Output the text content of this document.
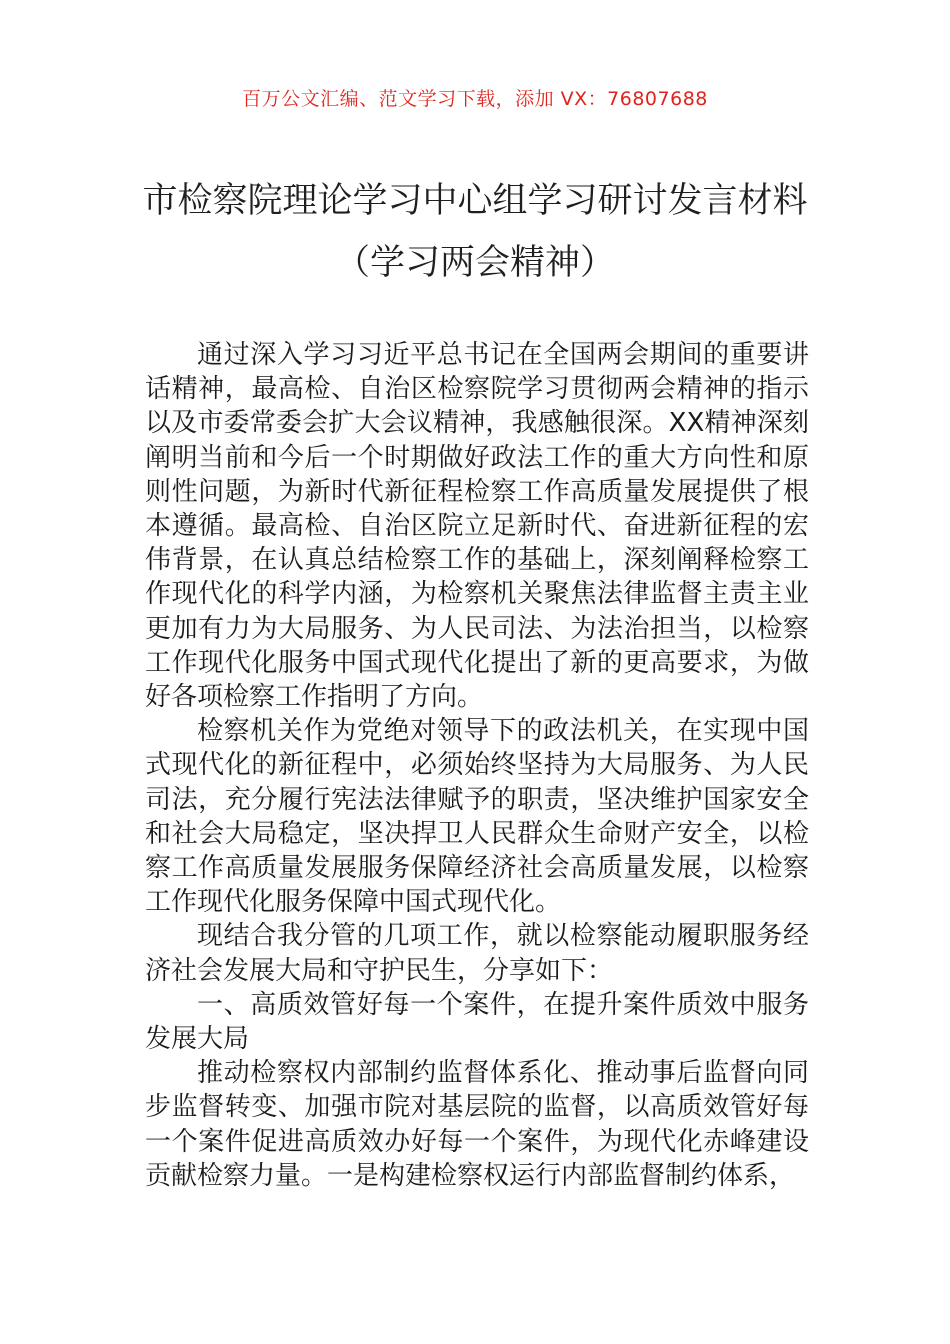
百万公文汇编、范文学习下载，添加 VX：76807688
市检察院理论学习中心组学习研讨发言材料（学习两会精神）

通过深入学习习近平总书记在全国两会期间的重要讲话精神，最高检、自治区检察院学习贯彻两会精神的指示以及市委常委会扩大会议精神，我感触很深。XX精神深刻阐明当前和今后一个时期做好政法工作的重大方向性和原则性问题，为新时代新征程检察工作高质量发展提供了根本遵循。最高检、自治区院立足新时代、奋进新征程的宏伟背景，在认真总结检察工作的基础上，深刻阐释检察工作现代化的科学内涵，为检察机关聚焦法律监督主责主业更加有力为大局服务、为人民司法、为法治担当，以检察工作现代化服务中国式现代化提出了新的更高要求，为做好各项检察工作指明了方向。

检察机关作为党绝对领导下的政法机关，在实现中国式现代化的新征程中，必须始终坚持为大局服务、为人民司法，充分履行宪法法律赋予的职责，坚决维护国家安全和社会大局稳定，坚决捍卫人民群众生命财产安全，以检察工作高质量发展服务保障经济社会高质量发展，以检察工作现代化服务保障中国式现代化。

现结合我分管的几项工作，就以检察能动履职服务经济社会发展大局和守护民生，分享如下：

一、高质效管好每一个案件，在提升案件质效中服务发展大局

推动检察权内部制约监督体系化、推动事后监督向同步监督转变、加强市院对基层院的监督，以高质效管好每一个案件促进高质效办好每一个案件，为现代化赤峰建设贡献检察力量。一是构建检察权运行内部监督制约体系，
